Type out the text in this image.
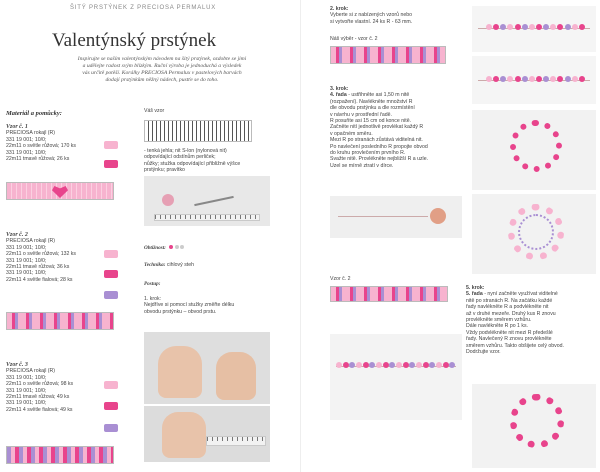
ŠITÝ PRSTÝNEK Z PRECIOSA PERMALUX
Valentýnský prstýnek
Inspirujte se naším valentýnským návodem na šitý prstýnek, ozdobte se jimi
a udělejte radost svým blízkým. Ruční výroba je jednoduchá a výsledek
vás určitě potěší. Korálky PRECIOSA Permalux v pastelových barvách
dodají prstýnkům něžný nádech, pustťe se do toho.
Materiál a pomůcky:
Vzor č. 1
PRECIOSA rokajl (R)
331 19 001; 10/0;
22m11 o světle růžová; 170 ks
331 19 001; 10/0;
22m11 tmavě růžová; 26 ks
Vzor č. 2
PRECIOSA rokajl (R)
331 19 001; 10/0;
22m11 o světle růžová; 132 ks
331 19 001; 10/0;
22m11 tmavě růžová; 36 ks
331 19 001; 10/0;
22m11 4 světle fialová; 28 ks
Vzor č. 3
PRECIOSA rokajl (R)
331 19 001; 10/0;
22m11 o světle růžová; 98 ks
331 19 001; 10/0;
22m11 tmavě růžová; 49 ks
331 19 001; 10/0;
22m11 4 světle fialová; 49 ks
Váš vzor
- tenká jehla; nit S-lon (nylonová nit)
odpovídající odstínům perliček;
nůžky; stužka odpovídající přibližně výšce
prstýnku; pravítko
Obtížnost:
Technika: cihlový steh
Postup:
1. krok:
Nejdříve si pomocí stužky změřte délku
obvodu prstýnku – obvod prstu.
2. krok:
Vyberte si z nabízených vzorů nebo
si vytvořte vlastní. 24 ks R - 63 mm.
Náš výběr - vzor č. 2
3. krok:
4. řada - ustřihněte asi 1,50 m nitě
(rozpažení). Navlékněte množství R
dle obvodu prstýnku a dle rozmístění
v návrhu v prostřední řadě.
R posuňte asi 15 cm od konce nitě.
Začněte nití jednotlivě provlékat každý R
v opačném směru.
Mezi R po stranách zůstává viditelná nit.
Po navlečení posledního R propojte obvod
do kruhu provlečením prvního R.
Svažte nitě. Provlékněte nejbližší R a uzle.
Uzel se mírně ztratí v dírce.
Vzor č. 2
5. krok:
5. řada - nyní začněte využívat viditelné
nitě po stranách R. Na začátku každé
řady navlékněte R a podvlékněte nit
až v druhé mezeře. Druhý kus R znovu
provlékněte směrem vzhůru.
Dále navlékněte R po 1 ks.
Vždy podvlékněte nit mezi R předešlé
řady. Navlečený R znovu provlékněte
směrem vzhůru. Takto obšijete celý obvod.
Dodržujte vzor.
